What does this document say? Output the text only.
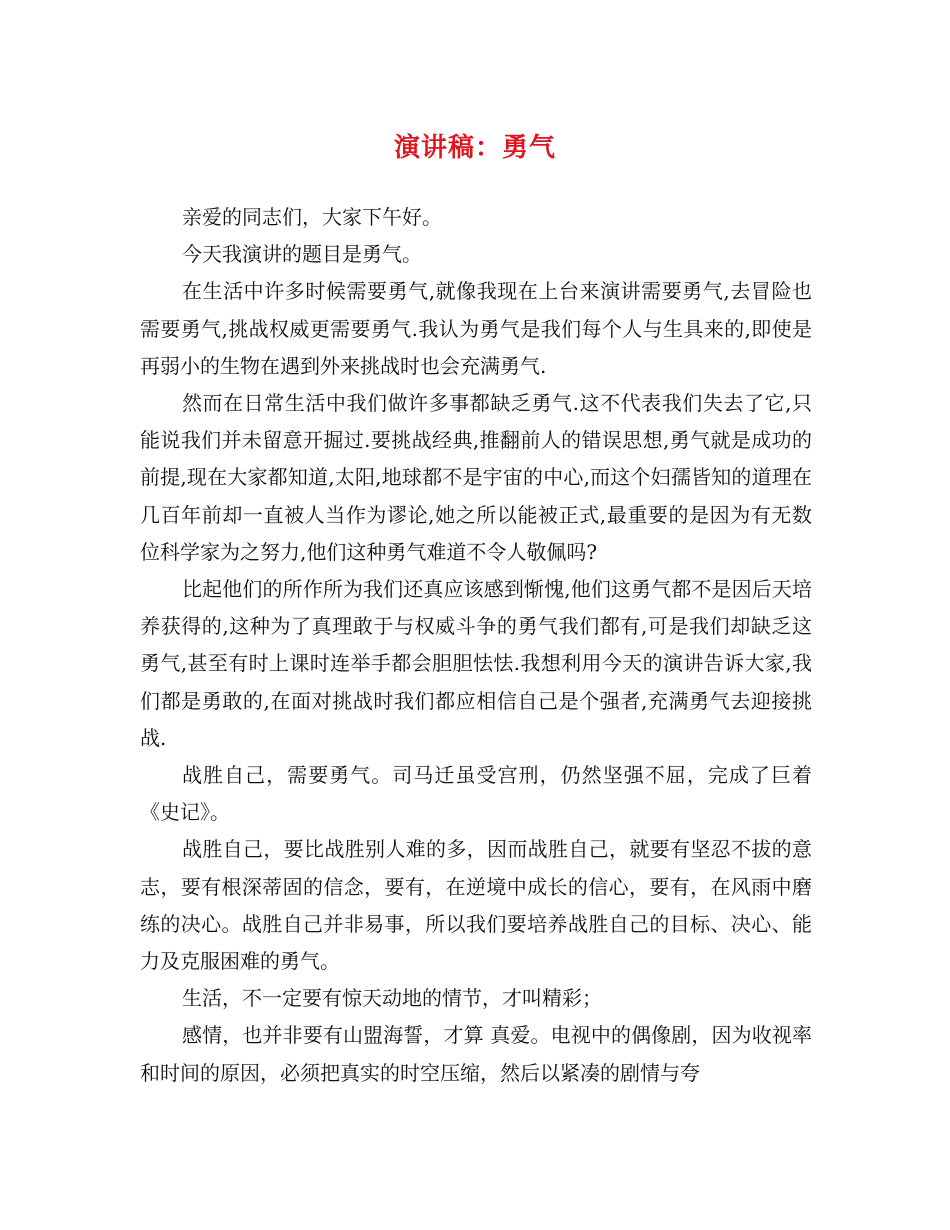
演讲稿：勇气

亲爱的同志们，大家下午好。

今天我演讲的题目是勇气。

在生活中许多时候需要勇气,就像我现在上台来演讲需要勇气,去冒险也需要勇气,挑战权威更需要勇气.我认为勇气是我们每个人与生具来的,即使是再弱小的生物在遇到外来挑战时也会充满勇气.

然而在日常生活中我们做许多事都缺乏勇气.这不代表我们失去了它,只能说我们并未留意开掘过.要挑战经典,推翻前人的错误思想,勇气就是成功的前提,现在大家都知道,太阳,地球都不是宇宙的中心,而这个妇孺皆知的道理在几百年前却一直被人当作为谬论,她之所以能被正式,最重要的是因为有无数位科学家为之努力,他们这种勇气难道不令人敬佩吗?

比起他们的所作所为我们还真应该感到惭愧,他们这勇气都不是因后天培养获得的,这种为了真理敢于与权威斗争的勇气我们都有,可是我们却缺乏这勇气,甚至有时上课时连举手都会胆胆怯怯.我想利用今天的演讲告诉大家,我们都是勇敢的,在面对挑战时我们都应相信自己是个强者,充满勇气去迎接挑战.

战胜自己，需要勇气。司马迁虽受宫刑，仍然坚强不屈，完成了巨着《史记》。

战胜自己，要比战胜别人难的多，因而战胜自己，就要有坚忍不拔的意志，要有根深蒂固的信念，要有，在逆境中成长的信心，要有，在风雨中磨练的决心。战胜自己并非易事，所以我们要培养战胜自己的目标、决心、能力及克服困难的勇气。

生活，不一定要有惊天动地的情节，才叫精彩；

感情，也并非要有山盟海誓，才算 真爱。电视中的偶像剧，因为收视率和时间的原因，必须把真实的时空压缩，然后以紧凑的剧情与夸
